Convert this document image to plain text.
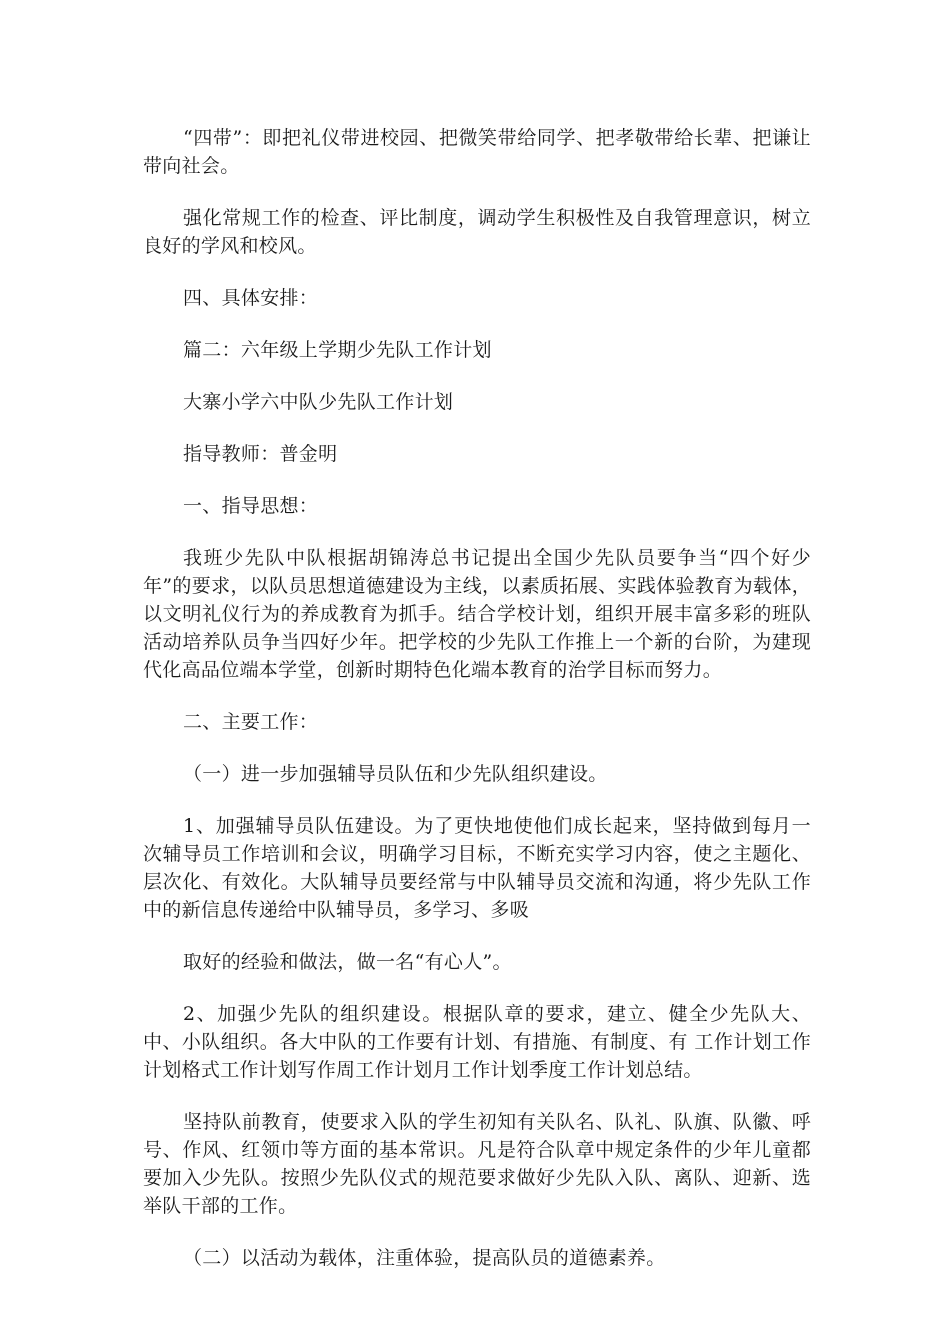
“四带”：即把礼仪带进校园、把微笑带给同学、把孝敬带给长辈、把谦让带向社会。

强化常规工作的检查、评比制度，调动学生积极性及自我管理意识，树立良好的学风和校风。

四、具体安排：

篇二：六年级上学期少先队工作计划

大寨小学六中队少先队工作计划

指导教师：普金明

一、指导思想：

我班少先队中队根据胡锦涛总书记提出全国少先队员要争当“四个好少年”的要求，以队员思想道德建设为主线，以素质拓展、实践体验教育为载体，以文明礼仪行为的养成教育为抓手。结合学校计划，组织开展丰富多彩的班队活动培养队员争当四好少年。把学校的少先队工作推上一个新的台阶，为建现代化高品位端本学堂，创新时期特色化端本教育的治学目标而努力。

二、主要工作：

（一）进一步加强辅导员队伍和少先队组织建设。

1、加强辅导员队伍建设。为了更快地使他们成长起来，坚持做到每月一次辅导员工作培训和会议，明确学习目标，不断充实学习内容，使之主题化、层次化、有效化。大队辅导员要经常与中队辅导员交流和沟通，将少先队工作中的新信息传递给中队辅导员，多学习、多吸

取好的经验和做法，做一名“有心人”。

2、加强少先队的组织建设。根据队章的要求，建立、健全少先队大、中、小队组织。各大中队的工作要有计划、有措施、有制度、有 工作计划工作计划格式工作计划写作周工作计划月工作计划季度工作计划总结。

坚持队前教育，使要求入队的学生初知有关队名、队礼、队旗、队徽、呼号、作风、红领巾等方面的基本常识。凡是符合队章中规定条件的少年儿童都要加入少先队。按照少先队仪式的规范要求做好少先队入队、离队、迎新、选举队干部的工作。

（二）以活动为载体，注重体验，提高队员的道德素养。
